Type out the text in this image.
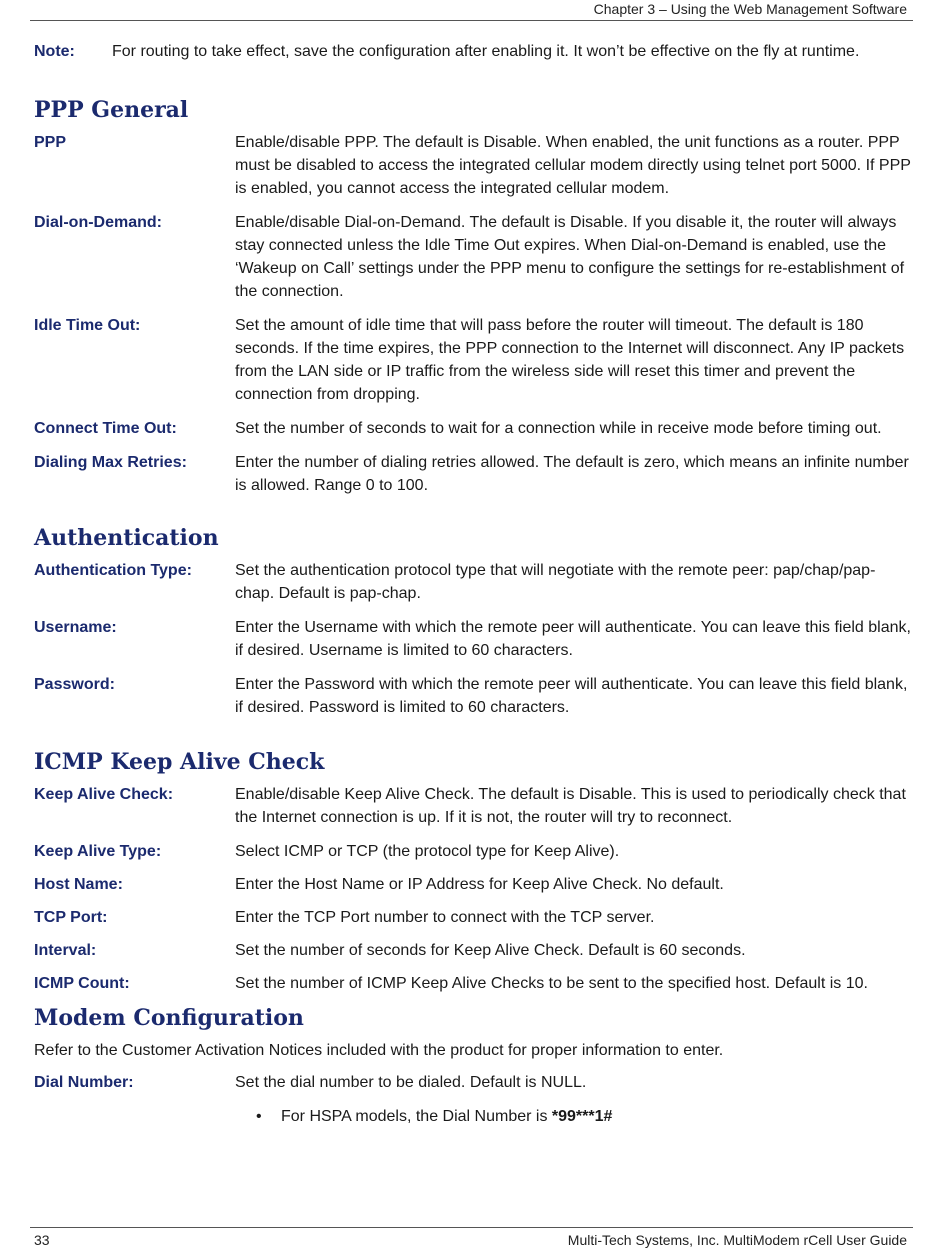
Chapter 3 – Using the Web Management Software
Note:	For routing to take effect, save the configuration after enabling it. It won’t be effective on the fly at runtime.
PPP General
PPP	Enable/disable PPP. The default is Disable. When enabled, the unit functions as a router. PPP must be disabled to access the integrated cellular modem directly using telnet port 5000. If PPP is enabled, you cannot access the integrated cellular modem.
Dial-on-Demand:	Enable/disable Dial-on-Demand. The default is Disable. If you disable it, the router will always stay connected unless the Idle Time Out expires. When Dial-on-Demand is enabled, use the ‘Wakeup on Call’ settings under the PPP menu to configure the settings for re-establishment of the connection.
Idle Time Out:	Set the amount of idle time that will pass before the router will timeout. The default is 180 seconds. If the time expires, the PPP connection to the Internet will disconnect. Any IP packets from the LAN side or IP traffic from the wireless side will reset this timer and prevent the connection from dropping.
Connect Time Out:	Set the number of seconds to wait for a connection while in receive mode before timing out.
Dialing Max Retries:	Enter the number of dialing retries allowed. The default is zero, which means an infinite number is allowed. Range 0 to 100.
Authentication
Authentication Type:	Set the authentication protocol type that will negotiate with the remote peer: pap/chap/pap-chap. Default is pap-chap.
Username:	Enter the Username with which the remote peer will authenticate. You can leave this field blank, if desired. Username is limited to 60 characters.
Password:	Enter the Password with which the remote peer will authenticate. You can leave this field blank, if desired. Password is limited to 60 characters.
ICMP Keep Alive Check
Keep Alive Check:	Enable/disable Keep Alive Check. The default is Disable. This is used to periodically check that the Internet connection is up. If it is not, the router will try to reconnect.
Keep Alive Type:	Select ICMP or TCP (the protocol type for Keep Alive).
Host Name:	Enter the Host Name or IP Address for Keep Alive Check. No default.
TCP Port:	Enter the TCP Port number to connect with the TCP server.
Interval:	Set the number of seconds for Keep Alive Check. Default is 60 seconds.
ICMP Count:	Set the number of ICMP Keep Alive Checks to be sent to the specified host. Default is 10.
Modem Configuration
Refer to the Customer Activation Notices included with the product for proper information to enter.
Dial Number:	Set the dial number to be dialed. Default is NULL.
•	For HSPA models, the Dial Number is *99***1#
33	Multi-Tech Systems, Inc. MultiModem rCell User Guide
